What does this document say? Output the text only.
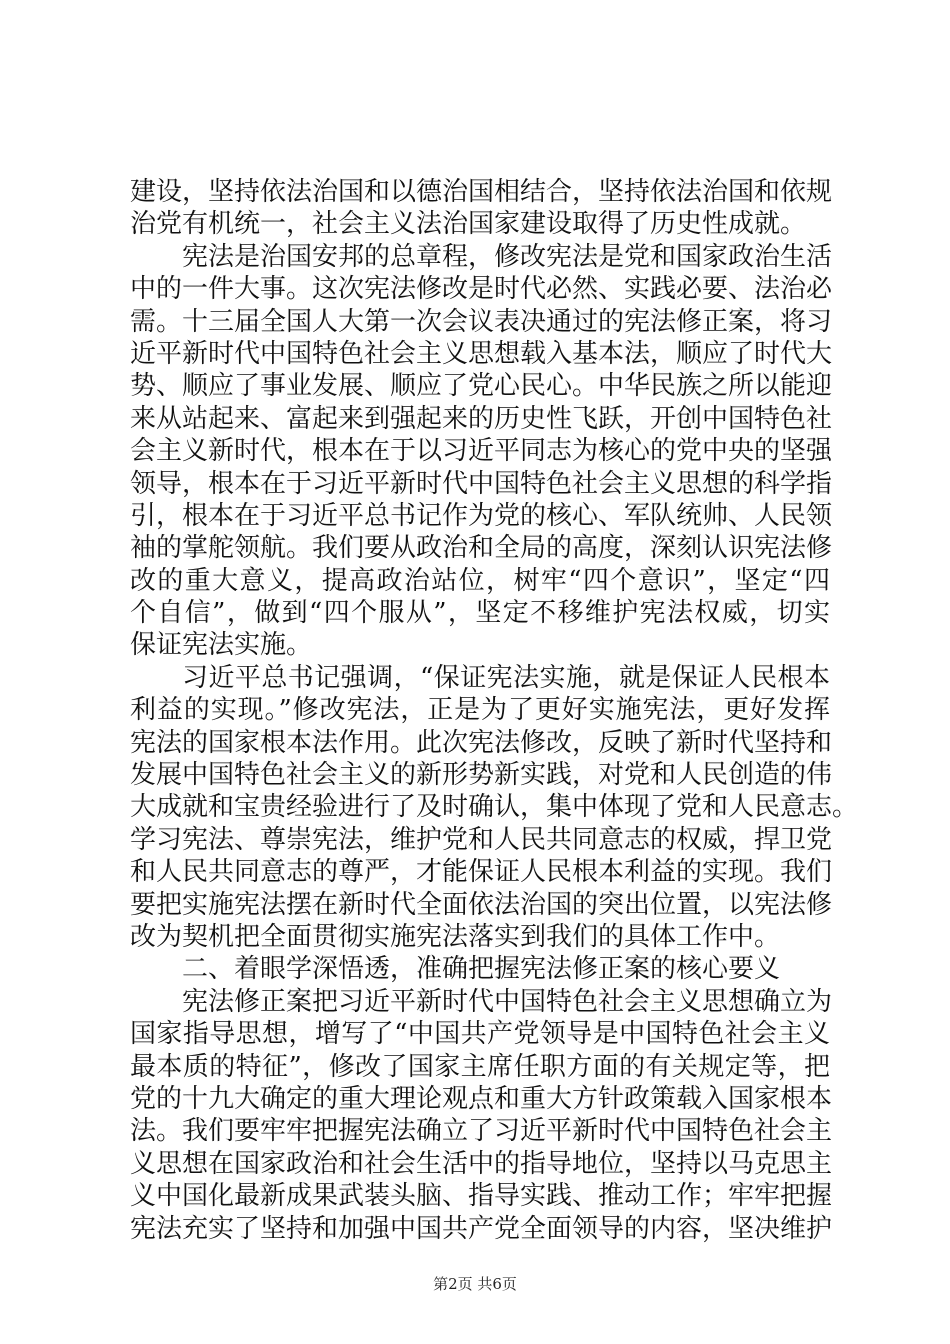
建设，坚持依法治国和以德治国相结合，坚持依法治国和依规
治党有机统一，社会主义法治国家建设取得了历史性成就。
宪法是治国安邦的总章程，修改宪法是党和国家政治生活
中的一件大事。这次宪法修改是时代必然、实践必要、法治必
需。十三届全国人大第一次会议表决通过的宪法修正案，将习
近平新时代中国特色社会主义思想载入基本法，顺应了时代大
势、顺应了事业发展、顺应了党心民心。中华民族之所以能迎
来从站起来、富起来到强起来的历史性飞跃，开创中国特色社
会主义新时代，根本在于以习近平同志为核心的党中央的坚强
领导，根本在于习近平新时代中国特色社会主义思想的科学指
引，根本在于习近平总书记作为党的核心、军队统帅、人民领
袖的掌舵领航。我们要从政治和全局的高度，深刻认识宪法修
改的重大意义，提高政治站位，树牢“四个意识”，坚定“四
个自信”，做到“四个服从”，坚定不移维护宪法权威，切实
保证宪法实施。
习近平总书记强调，“保证宪法实施，就是保证人民根本
利益的实现。”修改宪法，正是为了更好实施宪法，更好发挥
宪法的国家根本法作用。此次宪法修改，反映了新时代坚持和
发展中国特色社会主义的新形势新实践，对党和人民创造的伟
大成就和宝贵经验进行了及时确认，集中体现了党和人民意志。
学习宪法、尊崇宪法，维护党和人民共同意志的权威，捍卫党
和人民共同意志的尊严，才能保证人民根本利益的实现。我们
要把实施宪法摆在新时代全面依法治国的突出位置，以宪法修
改为契机把全面贯彻实施宪法落实到我们的具体工作中。
二、着眼学深悟透，准确把握宪法修正案的核心要义
宪法修正案把习近平新时代中国特色社会主义思想确立为
国家指导思想，增写了“中国共产党领导是中国特色社会主义
最本质的特征”，修改了国家主席任职方面的有关规定等，把
党的十九大确定的重大理论观点和重大方针政策载入国家根本
法。我们要牢牢把握宪法确立了习近平新时代中国特色社会主
义思想在国家政治和社会生活中的指导地位，坚持以马克思主
义中国化最新成果武装头脑、指导实践、推动工作；牢牢把握
宪法充实了坚持和加强中国共产党全面领导的内容，坚决维护
第2页 共6页
